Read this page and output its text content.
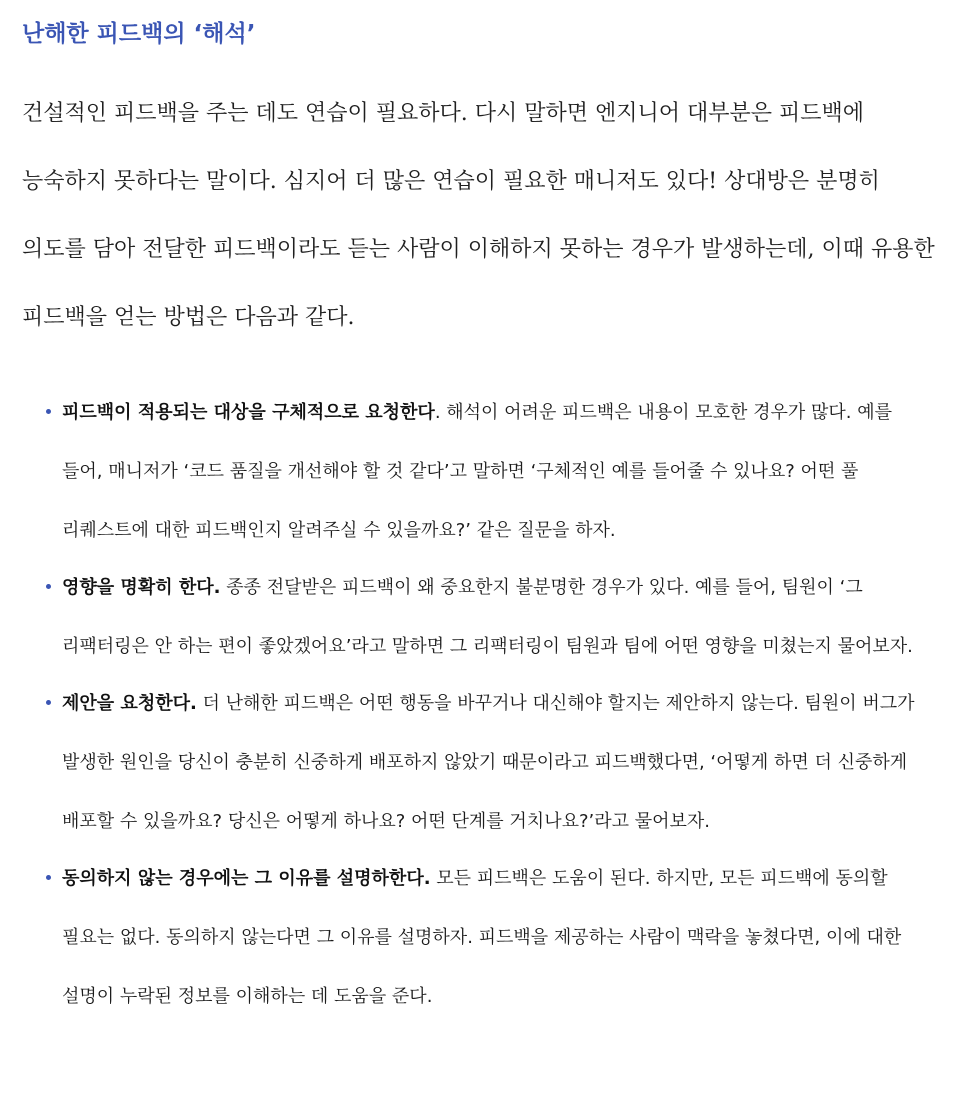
난해한 피드백의 ‘해석’

건설적인 피드백을 주는 데도 연습이 필요하다. 다시 말하면 엔지니어 대부분은 피드백에 능숙하지 못하다는 말이다. 심지어 더 많은 연습이 필요한 매니저도 있다! 상대방은 분명히 의도를 담아 전달한 피드백이라도 듣는 사람이 이해하지 못하는 경우가 발생하는데, 이때 유용한 피드백을 얻는 방법은 다음과 같다.

피드백이 적용되는 대상을 구체적으로 요청한다. 해석이 어려운 피드백은 내용이 모호한 경우가 많다. 예를 들어, 매니저가 ‘코드 품질을 개선해야 할 것 같다’고 말하면 ‘구체적인 예를 들어줄 수 있나요? 어떤 풀 리퀘스트에 대한 피드백인지 알려주실 수 있을까요?’ 같은 질문을 하자.
영향을 명확히 한다. 종종 전달받은 피드백이 왜 중요한지 불분명한 경우가 있다. 예를 들어, 팀원이 ‘그 리팩터링은 안 하는 편이 좋았겠어요’라고 말하면 그 리팩터링이 팀원과 팀에 어떤 영향을 미쳤는지 물어보자.
제안을 요청한다. 더 난해한 피드백은 어떤 행동을 바꾸거나 대신해야 할지는 제안하지 않는다. 팀원이 버그가 발생한 원인을 당신이 충분히 신중하게 배포하지 않았기 때문이라고 피드백했다면, ‘어떻게 하면 더 신중하게 배포할 수 있을까요? 당신은 어떻게 하나요? 어떤 단계를 거치나요?’라고 물어보자.
동의하지 않는 경우에는 그 이유를 설명하한다. 모든 피드백은 도움이 된다. 하지만, 모든 피드백에 동의할 필요는 없다. 동의하지 않는다면 그 이유를 설명하자. 피드백을 제공하는 사람이 맥락을 놓쳤다면, 이에 대한 설명이 누락된 정보를 이해하는 데 도움을 준다.
